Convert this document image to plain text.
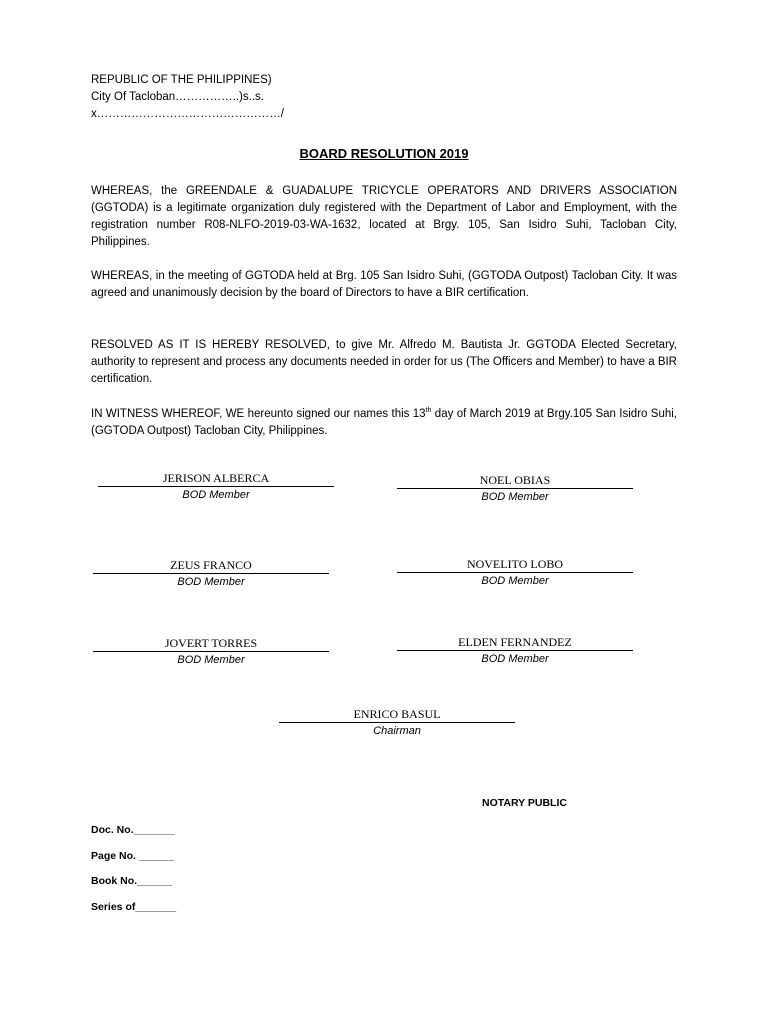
REPUBLIC OF THE PHILIPPINES)
City Of Tacloban……………..)s..s.
x…………………………………………/
BOARD RESOLUTION 2019

WHEREAS, the GREENDALE & GUADALUPE TRICYCLE OPERATORS AND DRIVERS ASSOCIATION (GGTODA) is a legitimate organization duly registered with the Department of Labor and Employment, with the registration number R08-NLFO-2019-03-WA-1632, located at Brgy. 105, San Isidro Suhi, Tacloban City, Philippines.

WHEREAS, in the meeting of GGTODA held at Brg. 105 San Isidro Suhi, (GGTODA Outpost) Tacloban City. It was agreed and unanimously decision by the board of Directors to have a BIR certification.

RESOLVED AS IT IS HEREBY RESOLVED, to give Mr. Alfredo M. Bautista Jr. GGTODA Elected Secretary, authority to represent and process any documents needed in order for us (The Officers and Member) to have a BIR certification.

IN WITNESS WHEREOF, WE hereunto signed our names this 13th day of March 2019 at Brgy.105 San Isidro Suhi,(GGTODA Outpost) Tacloban City, Philippines.

JERISON ALBERCA
BOD Member
NOEL OBIAS
BOD Member
ZEUS FRANCO
BOD Member
NOVELITO LOBO
BOD Member
JOVERT TORRES
BOD Member
ELDEN FERNANDEZ
BOD Member
ENRICO BASUL
Chairman
NOTARY PUBLIC
Doc. No._______
Page No. ______
Book No.______
Series of_______
